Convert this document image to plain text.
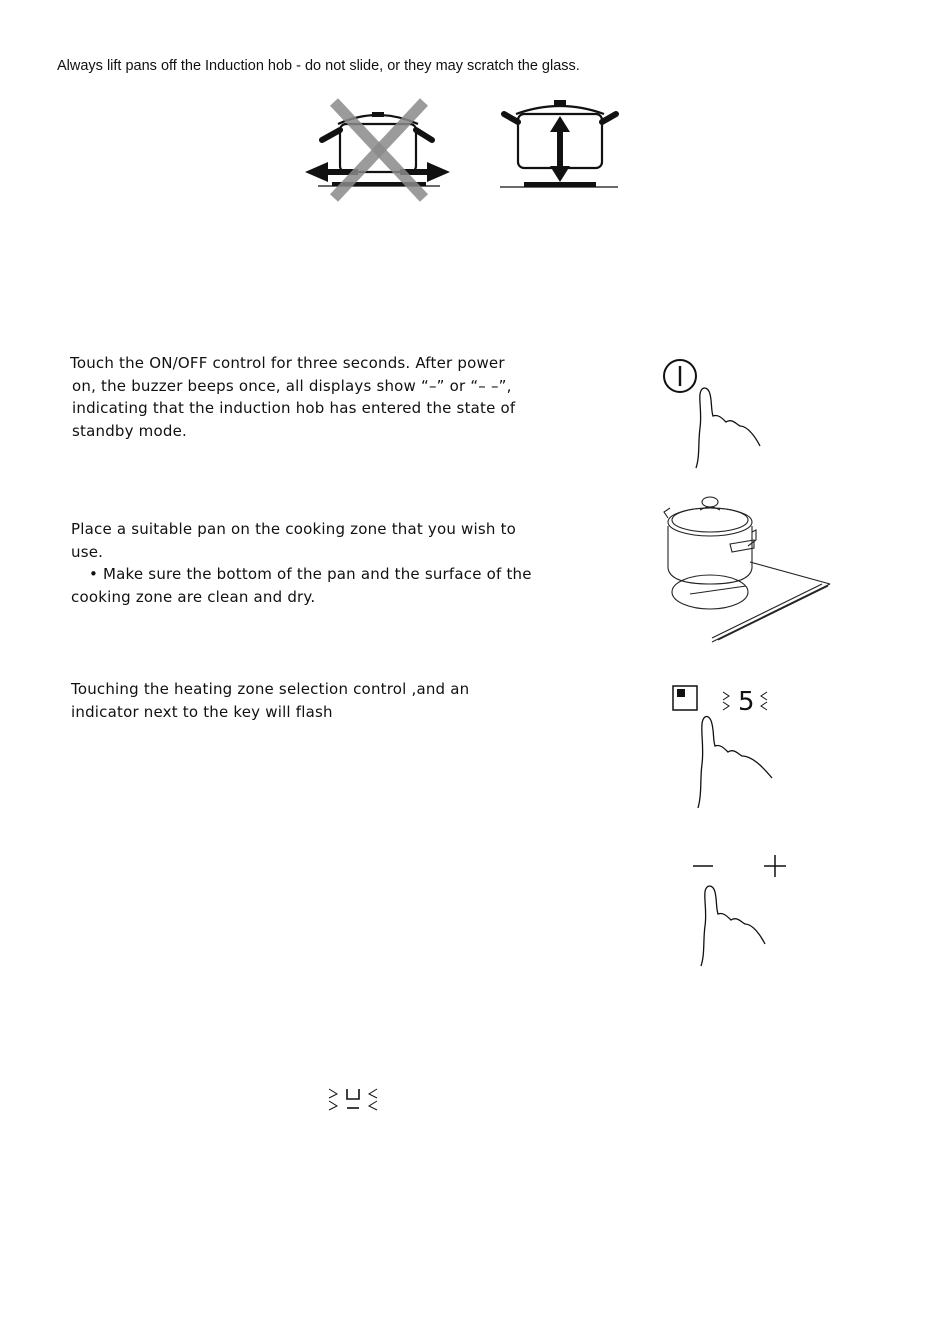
Always lift pans off the Induction hob - do not slide, or they may scratch the glass.
Touch the ON/OFF control for three seconds. After power
on, the buzzer beeps once, all displays show “–” or “– –”,
indicating that the induction hob has entered the state of
standby mode.
Place a suitable pan on the cooking zone that you wish to
use.
• Make sure the bottom of the pan and the surface of the
cooking zone are clean and dry.
Touching the heating zone selection control ,and an
indicator next to the key will flash	5
